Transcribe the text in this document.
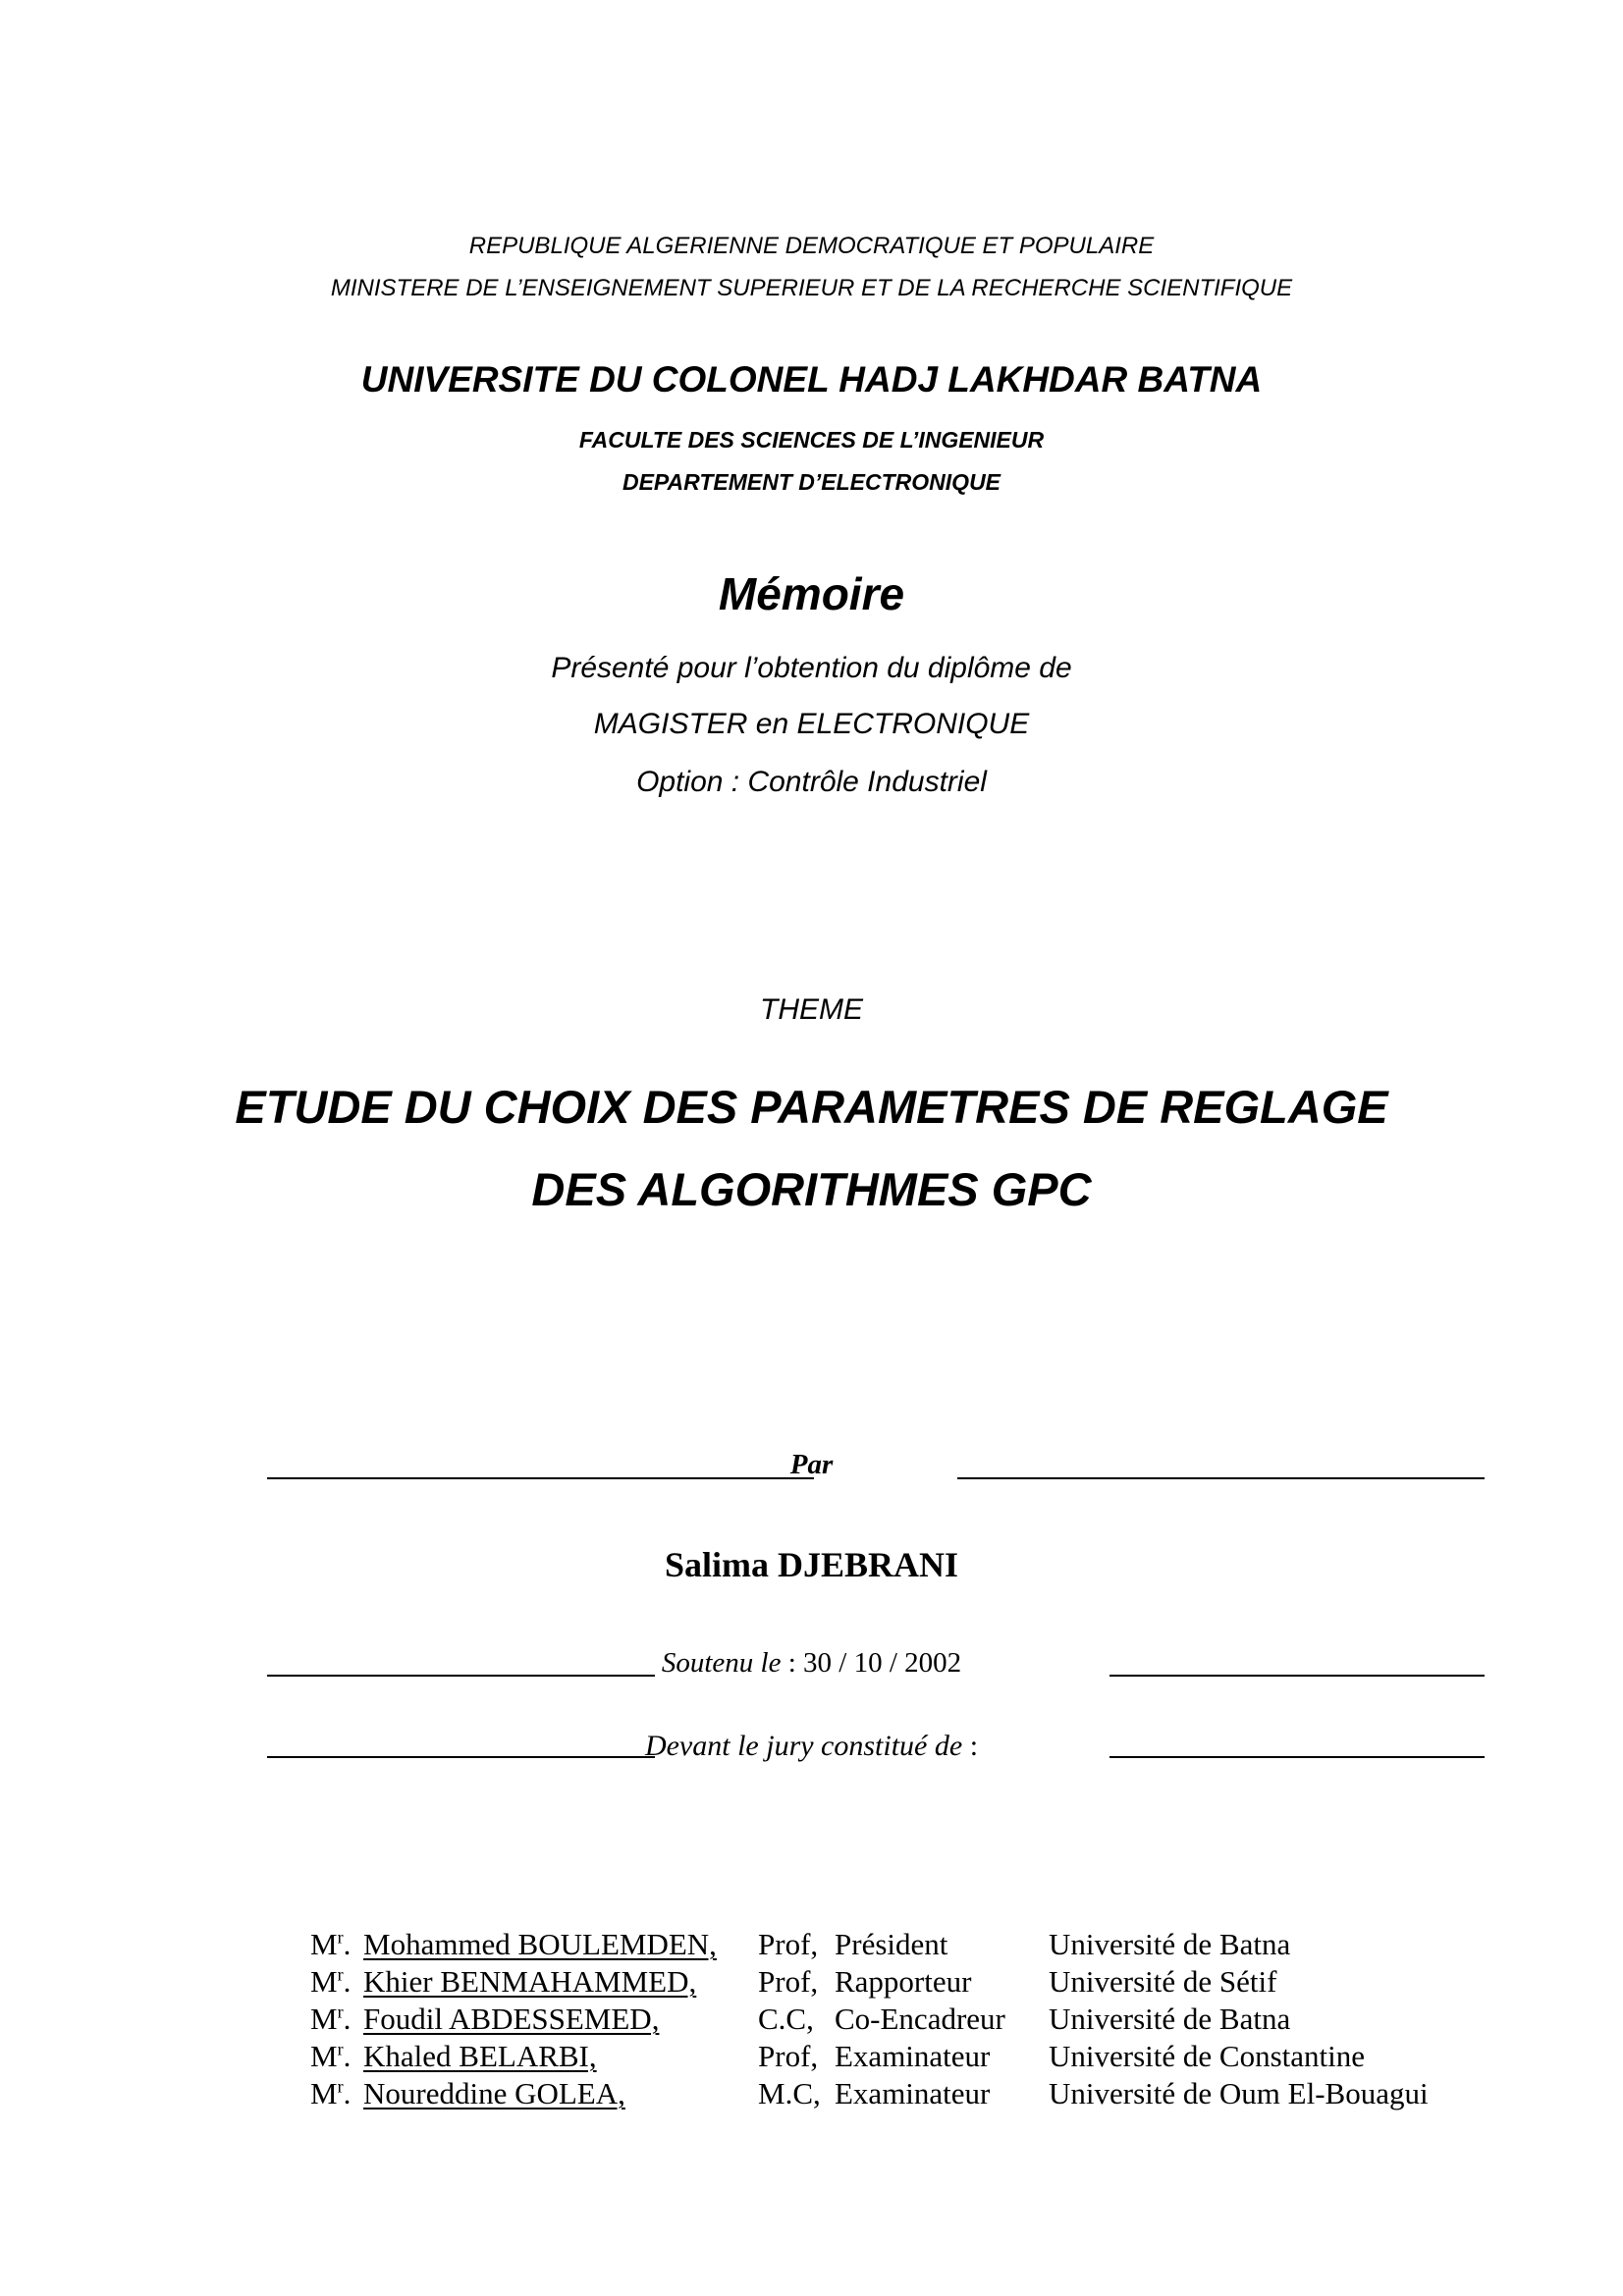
REPUBLIQUE ALGERIENNE DEMOCRATIQUE ET POPULAIRE
MINISTERE DE L’ENSEIGNEMENT SUPERIEUR ET DE LA RECHERCHE SCIENTIFIQUE
UNIVERSITE DU COLONEL HADJ LAKHDAR BATNA
FACULTE DES SCIENCES DE L’INGENIEUR
DEPARTEMENT D’ELECTRONIQUE
Mémoire
Présenté pour l’obtention du diplôme de
MAGISTER en ELECTRONIQUE
Option : Contrôle Industriel
THEME
ETUDE DU CHOIX DES PARAMETRES DE REGLAGE
DES ALGORITHMES GPC
Par
Salima DJEBRANI
Soutenu le : 30 / 10 / 2002
Devant le jury constitué de :
$M^r$. Mohammed BOULEMDEN, Prof, Président	Université de Batna
$M^r$. Khier BENMAHAMMED, Prof, Rapporteur	Université de Sétif
$M^r$. Foudil ABDESSEMED,	C.C, Co-Encadreur Université de Batna
$M^r$. Khaled BELARBI,	Prof, Examinateur Université de Constantine
$M^r$. Noureddine GOLEA,	M.C, Examinateur Université de Oum El-Bouagui
